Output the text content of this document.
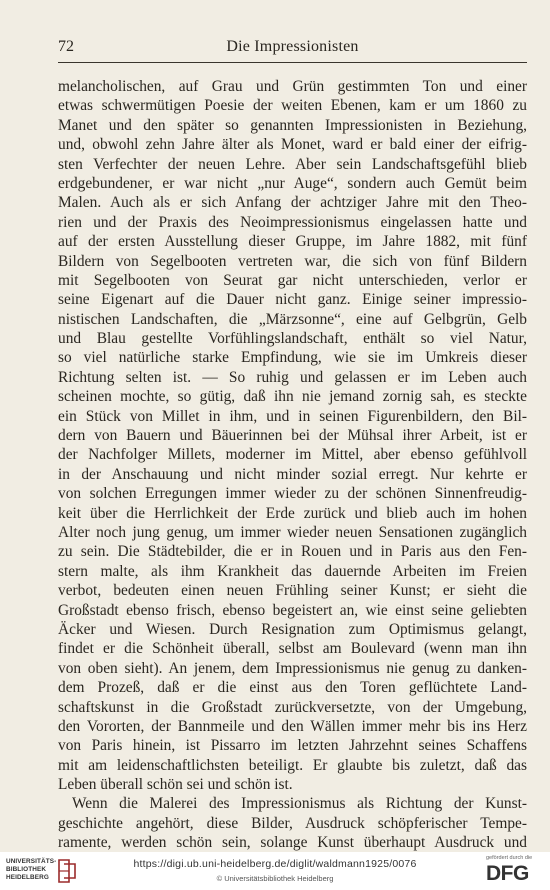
72	Die Impressionisten
melancholischen, auf Grau und Grün gestimmten Ton und einer
etwas schwermütigen Poesie der weiten Ebenen, kam er um 1860 zu
Manet und den später so genannten Impressionisten in Beziehung,
und, obwohl zehn Jahre älter als Monet, ward er bald einer der eifrig-
sten Verfechter der neuen Lehre. Aber sein Landschaftsgefühl blieb
erdgebundener, er war nicht „nur Auge“, sondern auch Gemüt beim
Malen. Auch als er sich Anfang der achtziger Jahre mit den Theo-
rien und der Praxis des Neoimpressionismus eingelassen hatte und
auf der ersten Ausstellung dieser Gruppe, im Jahre 1882, mit fünf
Bildern von Segelbooten vertreten war, die sich von fünf Bildern
mit Segelbooten von Seurat gar nicht unterschieden, verlor er
seine Eigenart auf die Dauer nicht ganz. Einige seiner impressio-
nistischen Landschaften, die „Märzsonne“, eine auf Gelbgrün, Gelb
und Blau gestellte Vorfühlingslandschaft, enthält so viel Natur,
so viel natürliche starke Empfindung, wie sie im Umkreis dieser
Richtung selten ist. — So ruhig und gelassen er im Leben auch
scheinen mochte, so gütig, daß ihn nie jemand zornig sah, es steckte
ein Stück von Millet in ihm, und in seinen Figurenbildern, den Bil-
dern von Bauern und Bäuerinnen bei der Mühsal ihrer Arbeit, ist er
der Nachfolger Millets, moderner im Mittel, aber ebenso gefühlvoll
in der Anschauung und nicht minder sozial erregt. Nur kehrte er
von solchen Erregungen immer wieder zu der schönen Sinnenfreudig-
keit über die Herrlichkeit der Erde zurück und blieb auch im hohen
Alter noch jung genug, um immer wieder neuen Sensationen zugänglich
zu sein. Die Städtebilder, die er in Rouen und in Paris aus den Fen-
stern malte, als ihm Krankheit das dauernde Arbeiten im Freien
verbot, bedeuten einen neuen Frühling seiner Kunst; er sieht die
Großstadt ebenso frisch, ebenso begeistert an, wie einst seine geliebten
Äcker und Wiesen. Durch Resignation zum Optimismus gelangt,
findet er die Schönheit überall, selbst am Boulevard (wenn man ihn
von oben sieht). An jenem, dem Impressionismus nie genug zu danken-
dem Prozeß, daß er die einst aus den Toren geflüchtete Land-
schaftskunst in die Großstadt zurückversetzte, von der Umgebung,
den Vororten, der Bannmeile und den Wällen immer mehr bis ins Herz
von Paris hinein, ist Pissarro im letzten Jahrzehnt seines Schaffens
mit am leidenschaftlichsten beteiligt. Er glaubte bis zuletzt, daß das
Leben überall schön sei und schön ist.
Wenn die Malerei des Impressionismus als Richtung der Kunst-
geschichte angehört, diese Bilder, Ausdruck schöpferischer Tempe-
ramente, werden schön sein, solange Kunst überhaupt Ausdruck und
UNIVERSITÄTS-
BIBLIOTHEK
HEIDELBERG
https://digi.ub.uni-heidelberg.de/diglit/waldmann1925/0076
© Universitätsbibliothek Heidelberg
gefördert durch die
DFG
